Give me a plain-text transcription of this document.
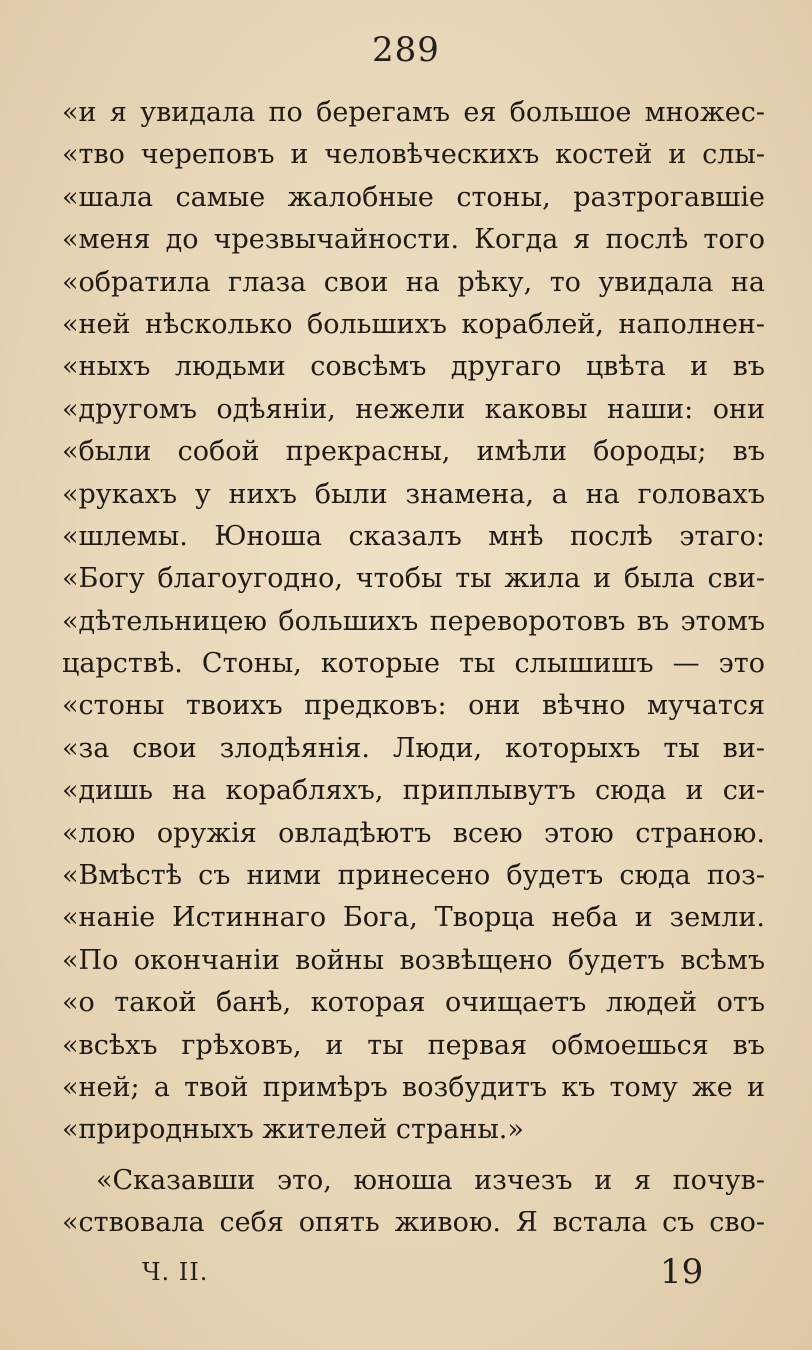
289
«и я увидала по берегамъ ея большое множес-
«тво череповъ и человѣческихъ костей и слы-
«шала самые жалобные стоны, разтрогавшіе
«меня до чрезвычайности. Когда я послѣ того
«обратила глаза свои на рѣку, то увидала на
«ней нѣсколько большихъ кораблей, наполнен-
«ныхъ людьми совсѣмъ другаго цвѣта и въ
«другомъ одѣяніи, нежели каковы наши: они
«были собой прекрасны, имѣли бороды; въ
«рукахъ у нихъ были знамена, а на головахъ
«шлемы. Юноша сказалъ мнѣ послѣ этаго:
«Богу благоугодно, чтобы ты жила и была сви-
«дѣтельницею большихъ переворотовъ въ этомъ
царствѣ. Стоны, которые ты слышишъ — это
«стоны твоихъ предковъ: они вѣчно мучатся
«за свои злодѣянія. Люди, которыхъ ты ви-
«дишь на корабляхъ, приплывутъ сюда и си-
«лою оружія овладѣютъ всею этою страною.
«Вмѣстѣ съ ними принесено будетъ сюда поз-
«наніе Истиннаго Бога, Творца неба и земли.
«По окончаніи войны возвѣщено будетъ всѣмъ
«о такой банѣ, которая очищаетъ людей отъ
«всѣхъ грѣховъ, и ты первая обмоешься въ
«ней; а твой примѣръ возбудитъ къ тому же и
«природныхъ жителей страны.»
«Сказавши это, юноша изчезъ и я почув-
«ствовала себя опять живою. Я встала съ сво-
Ч. II.	19
